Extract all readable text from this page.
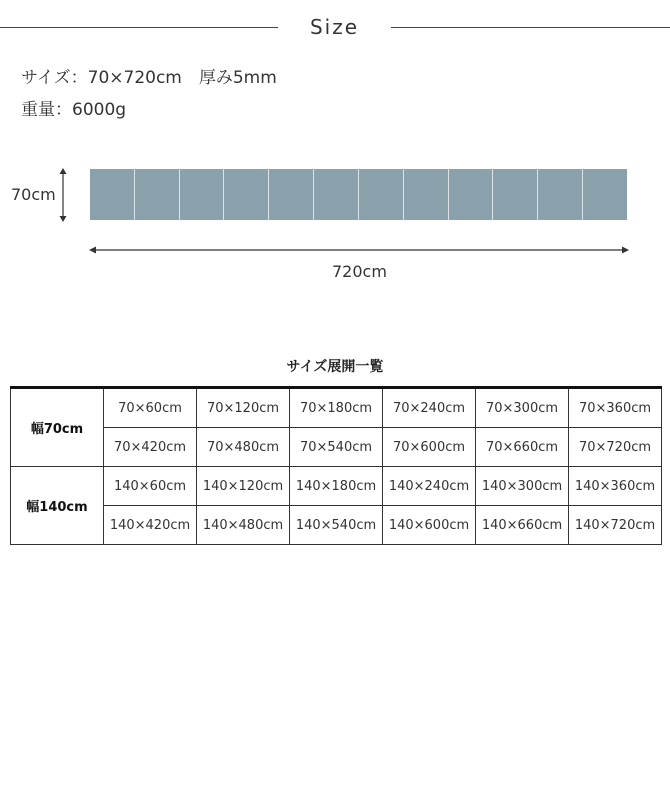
Size
サイズ：70×720cm　厚み5mm
重量：6000g
70cm
720cm
サイズ展開一覧
幅70cm	70×60cm	70×120cm	70×180cm	70×240cm	70×300cm	70×360cm
	70×420cm	70×480cm	70×540cm	70×600cm	70×660cm	70×720cm
幅140cm	140×60cm	140×120cm	140×180cm	140×240cm	140×300cm	140×360cm
	140×420cm	140×480cm	140×540cm	140×600cm	140×660cm	140×720cm
